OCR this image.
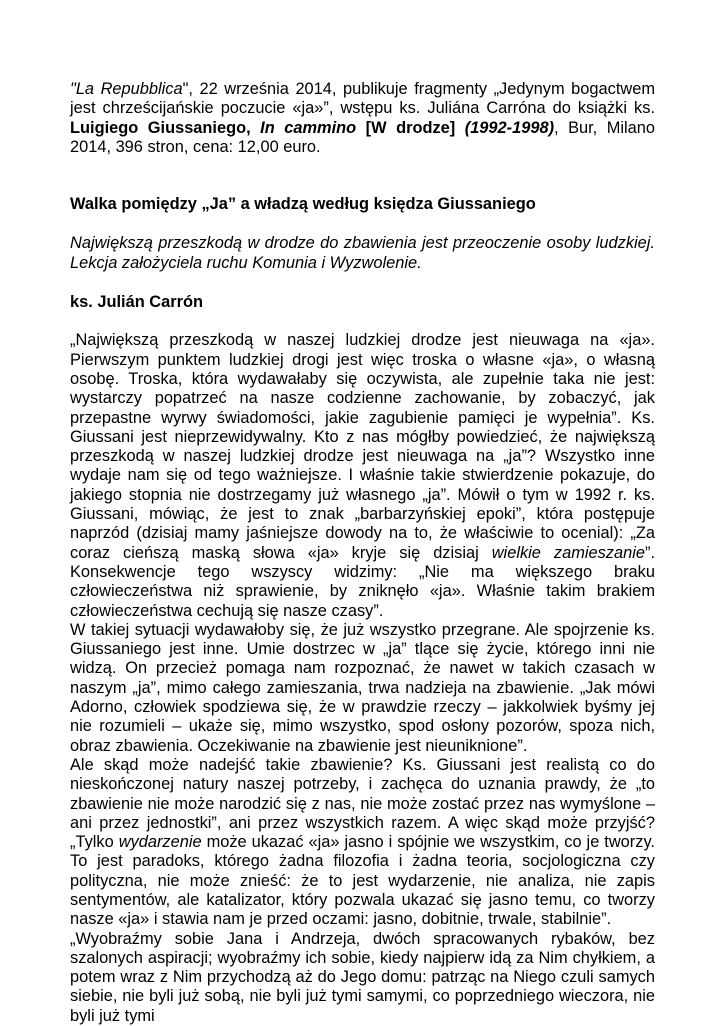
"La Repubblica", 22 września 2014, publikuje fragmenty „Jedynym bogactwem jest chrześcijańskie poczucie «ja»”, wstępu ks. Juliána Carróna do książki ks. Luigiego Giussaniego, In cammino [W drodze] (1992-1998), Bur, Milano 2014, 396 stron, cena: 12,00 euro.

Walka pomiędzy „Ja” a władzą według księdza Giussaniego

Największą przeszkodą w drodze do zbawienia jest przeoczenie osoby ludzkiej. Lekcja założyciela ruchu Komunia i Wyzwolenie.

ks. Julián Carrón

„Największą przeszkodą w naszej ludzkiej drodze jest nieuwaga na «ja». Pierwszym punktem ludzkiej drogi jest więc troska o własne «ja», o własną osobę. Troska, która wydawałaby się oczywista, ale zupełnie taka nie jest: wystarczy popatrzeć na nasze codzienne zachowanie, by zobaczyć, jak przepastne wyrwy świadomości, jakie zagubienie pamięci je wypełnia”. Ks. Giussani jest nieprzewidywalny. Kto z nas mógłby powiedzieć, że największą przeszkodą w naszej ludzkiej drodze jest nieuwaga na „ja”? Wszystko inne wydaje nam się od tego ważniejsze. I właśnie takie stwierdzenie pokazuje, do jakiego stopnia nie dostrzegamy już własnego „ja”. Mówił o tym w 1992 r. ks. Giussani, mówiąc, że jest to znak „barbarzyńskiej epoki”, która postępuje naprzód (dzisiaj mamy jaśniejsze dowody na to, że właściwie to ocenial): „Za coraz cieńszą maską słowa «ja» kryje się dzisiaj wielkie zamieszanie”. Konsekwencje tego wszyscy widzimy: „Nie ma większego braku człowieczeństwa niż sprawienie, by zniknęło «ja». Właśnie takim brakiem człowieczeństwa cechują się nasze czasy”.

W takiej sytuacji wydawałoby się, że już wszystko przegrane. Ale spojrzenie ks. Giussaniego jest inne. Umie dostrzec w „ja” tlące się życie, którego inni nie widzą. On przecież pomaga nam rozpoznać, że nawet w takich czasach w naszym „ja”, mimo całego zamieszania, trwa nadzieja na zbawienie. „Jak mówi Adorno, człowiek spodziewa się, że w prawdzie rzeczy – jakkolwiek byśmy jej nie rozumieli – ukaże się, mimo wszystko, spod osłony pozorów, spoza nich, obraz zbawienia. Oczekiwanie na zbawienie jest nieuniknione”.

Ale skąd może nadejść takie zbawienie? Ks. Giussani jest realistą co do nieskończonej natury naszej potrzeby, i zachęca do uznania prawdy, że „to zbawienie nie może narodzić się z nas, nie może zostać przez nas wymyślone – ani przez jednostki”, ani przez wszystkich razem. A więc skąd może przyjść? „Tylko wydarzenie może ukazać «ja» jasno i spójnie we wszystkim, co je tworzy. To jest paradoks, którego żadna filozofia i żadna teoria, socjologiczna czy polityczna, nie może znieść: że to jest wydarzenie, nie analiza, nie zapis sentymentów, ale katalizator, który pozwala ukazać się jasno temu, co tworzy nasze «ja» i stawia nam je przed oczami: jasno, dobitnie, trwale, stabilnie”.

„Wyobraźmy sobie Jana i Andrzeja, dwóch spracowanych rybaków, bez szalonych aspiracji; wyobraźmy ich sobie, kiedy najpierw idą za Nim chyłkiem, a potem wraz z Nim przychodzą aż do Jego domu: patrząc na Niego czuli samych siebie, nie byli już sobą, nie byli już tymi samymi, co poprzedniego wieczora, nie byli już tymi
